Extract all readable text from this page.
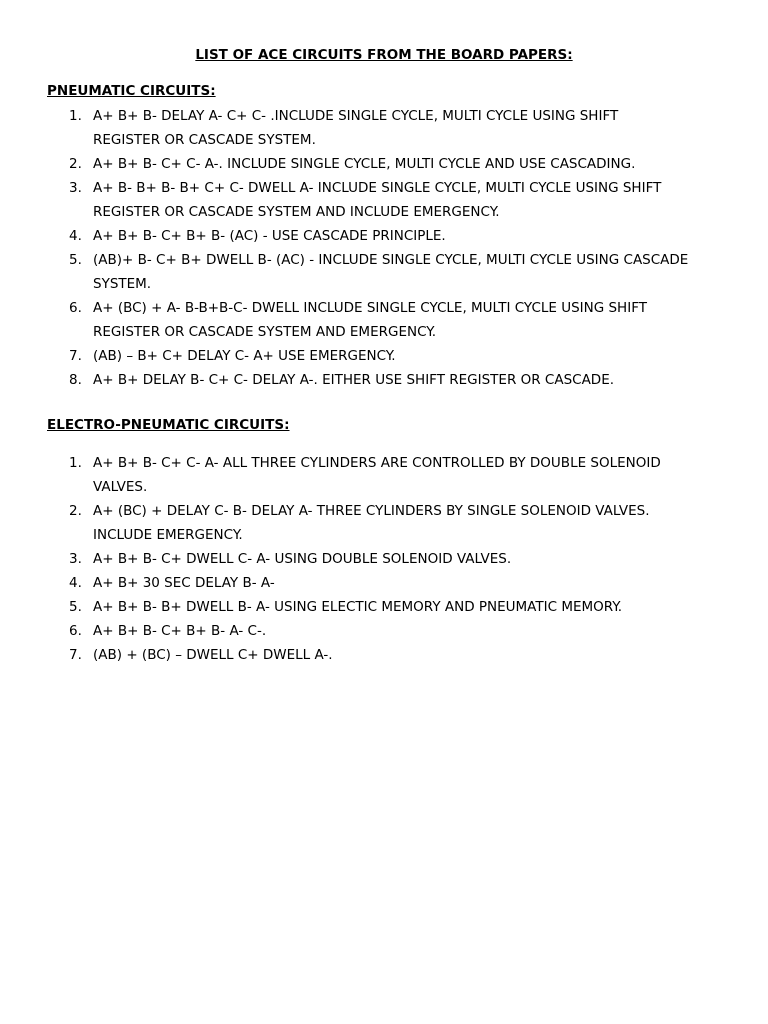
LIST OF ACE CIRCUITS FROM THE BOARD PAPERS:
PNEUMATIC CIRCUITS:
1. A+ B+ B- DELAY A- C+ C- .INCLUDE SINGLE CYCLE, MULTI CYCLE USING SHIFT
REGISTER OR CASCADE SYSTEM.
2. A+ B+ B- C+ C- A-. INCLUDE SINGLE CYCLE, MULTI CYCLE AND USE CASCADING.
3. A+ B- B+ B- B+ C+ C- DWELL A- INCLUDE SINGLE CYCLE, MULTI CYCLE USING SHIFT
REGISTER OR CASCADE SYSTEM AND INCLUDE EMERGENCY.
4. A+ B+ B- C+ B+ B- (AC) - USE CASCADE PRINCIPLE.
5. (AB)+ B- C+ B+ DWELL B- (AC) - INCLUDE SINGLE CYCLE, MULTI CYCLE USING CASCADE
SYSTEM.
6. A+ (BC) + A- B-B+B-C- DWELL INCLUDE SINGLE CYCLE, MULTI CYCLE USING SHIFT
REGISTER OR CASCADE SYSTEM AND EMERGENCY.
7. (AB) – B+ C+ DELAY C- A+ USE EMERGENCY.
8. A+ B+ DELAY B- C+ C- DELAY A-. EITHER USE SHIFT REGISTER OR CASCADE.
ELECTRO-PNEUMATIC CIRCUITS:
1. A+ B+ B- C+ C- A- ALL THREE CYLINDERS ARE CONTROLLED BY DOUBLE SOLENOID
VALVES.
2. A+ (BC) + DELAY C- B- DELAY A- THREE CYLINDERS BY SINGLE SOLENOID VALVES.
INCLUDE EMERGENCY.
3. A+ B+ B- C+ DWELL C- A- USING DOUBLE SOLENOID VALVES.
4. A+ B+ 30 SEC DELAY B- A-
5. A+ B+ B- B+ DWELL B- A- USING ELECTIC MEMORY AND PNEUMATIC MEMORY.
6. A+ B+ B- C+ B+ B- A- C-.
7. (AB) + (BC) – DWELL C+ DWELL A-.
